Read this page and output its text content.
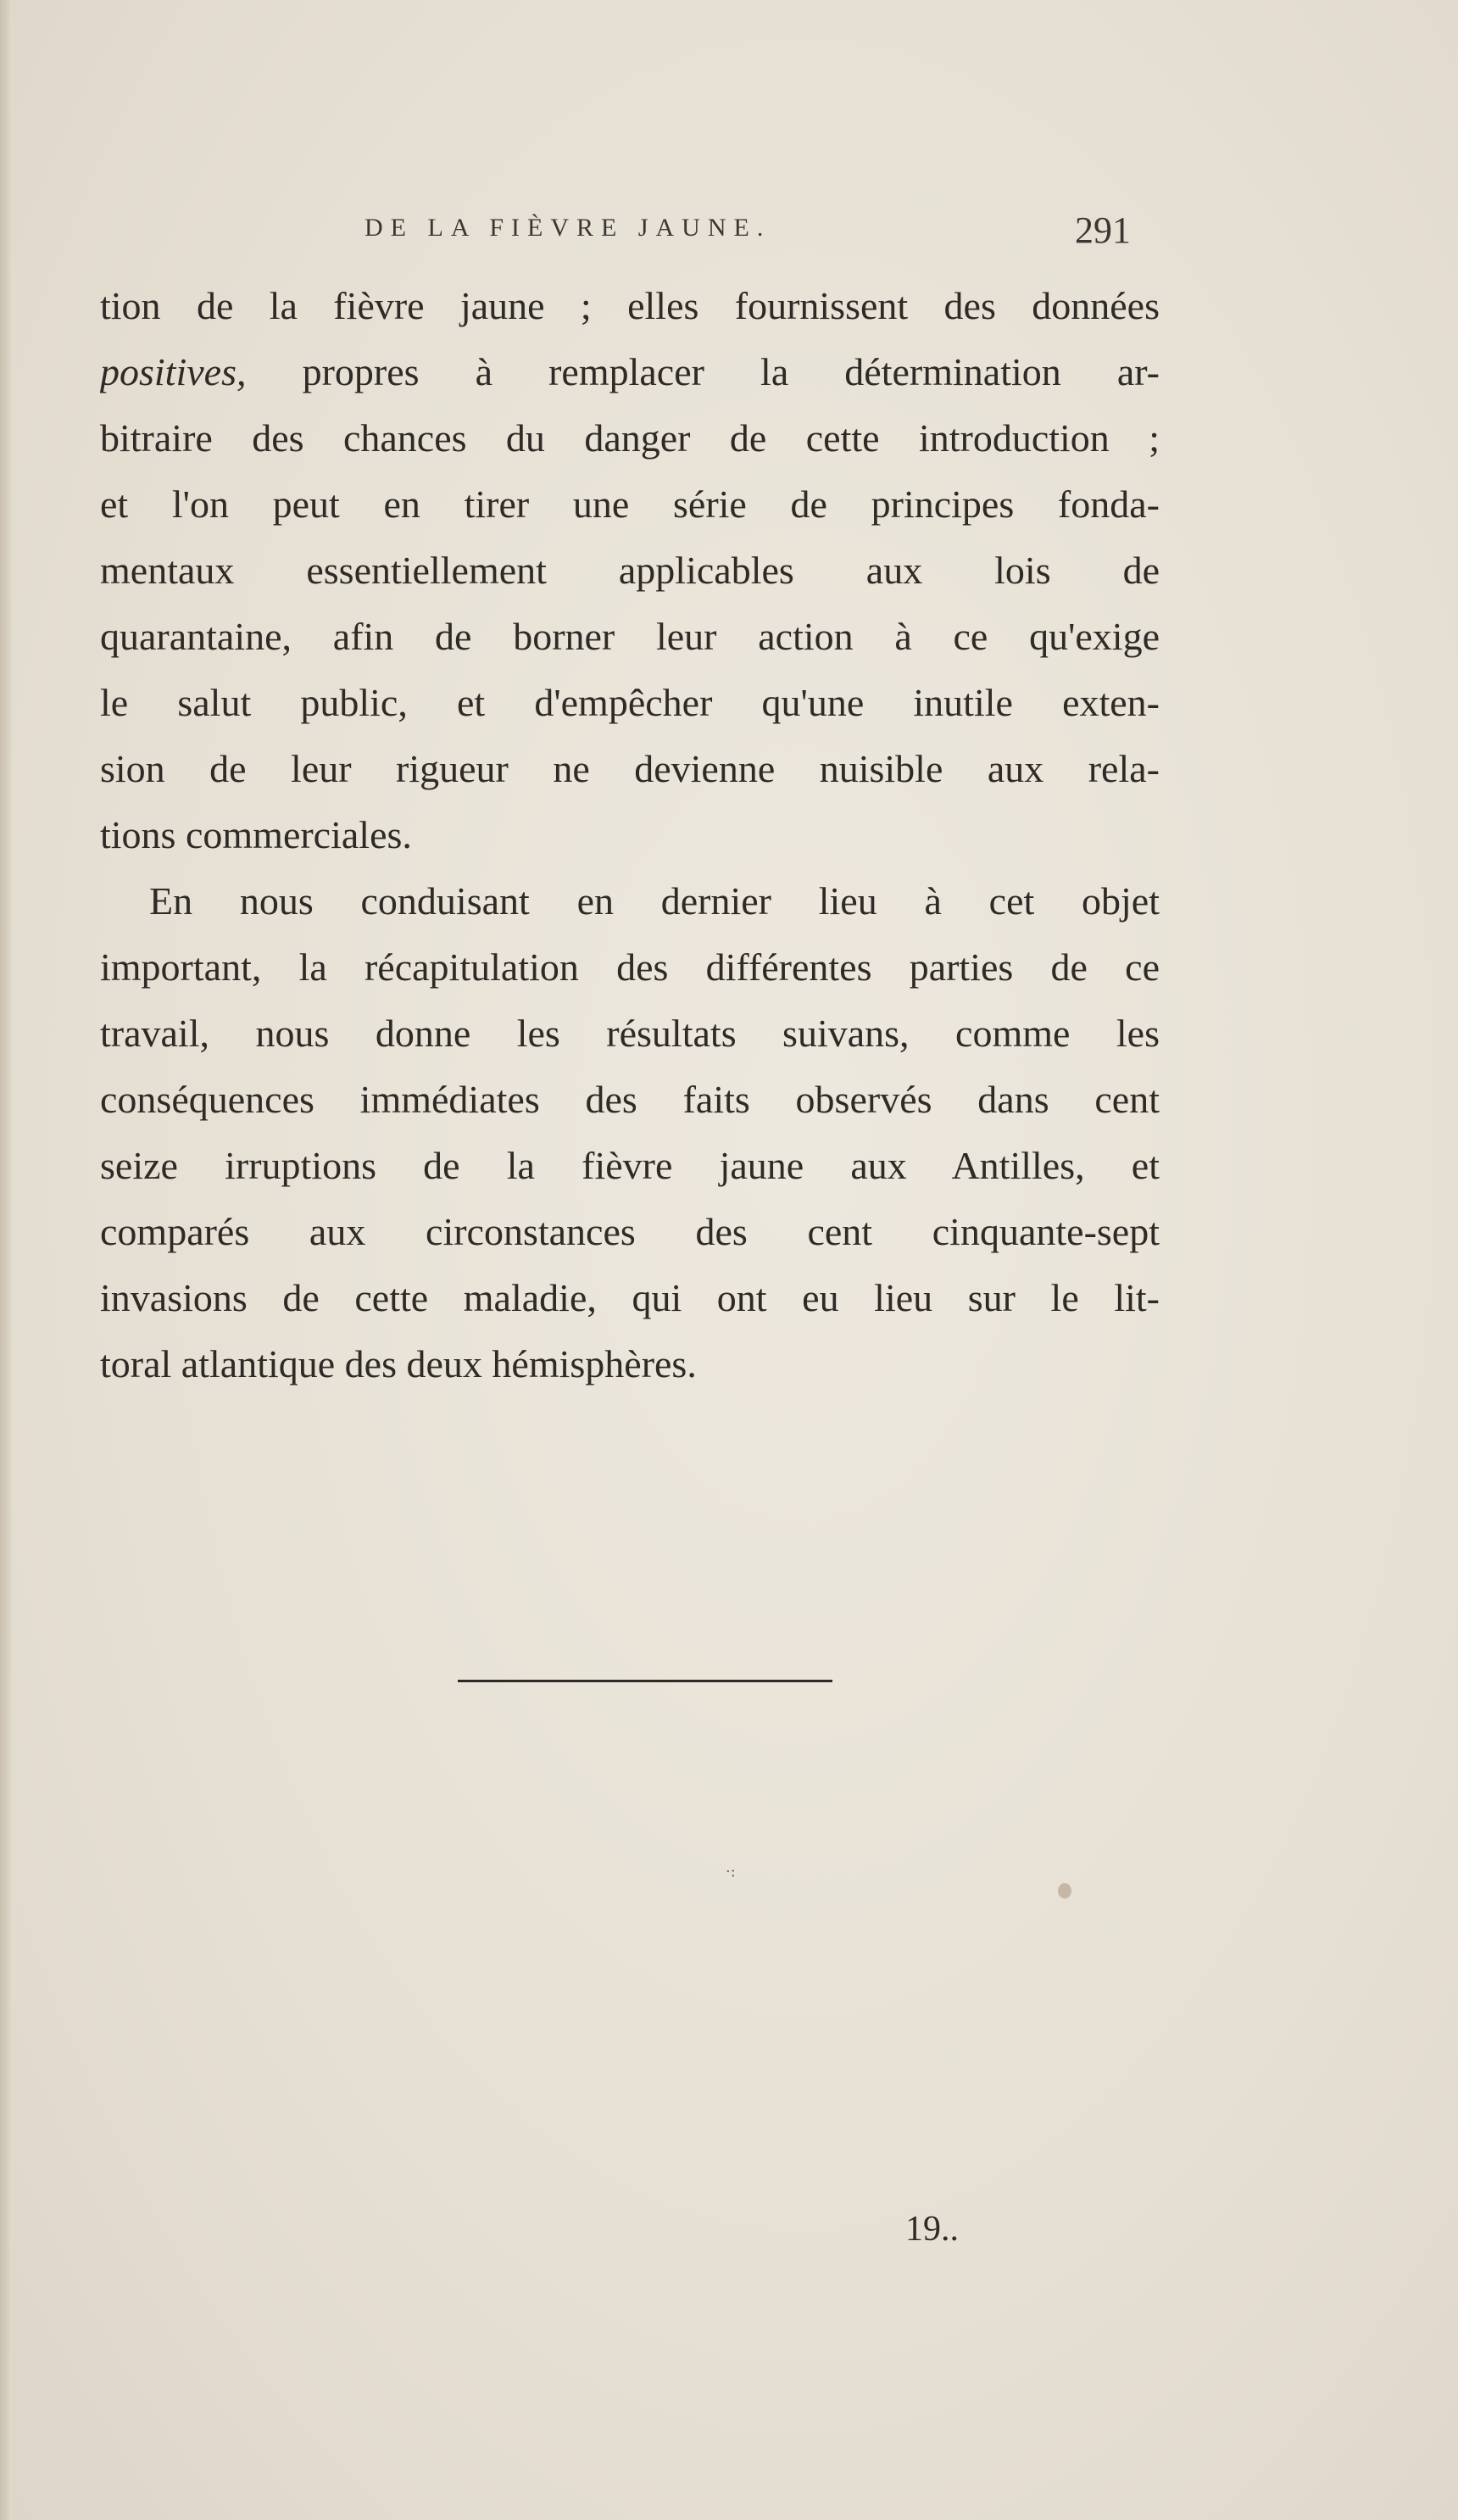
DE LA FIÈVRE JAUNE.	291
tion de la fièvre jaune ; elles fournissent des données
positives, propres à remplacer la détermination ar-
bitraire des chances du danger de cette introduction ;
et l'on peut en tirer une série de principes fonda-
mentaux essentiellement applicables aux lois de
quarantaine, afin de borner leur action à ce qu'exige
le salut public, et d'empêcher qu'une inutile exten-
sion de leur rigueur ne devienne nuisible aux rela-
tions commerciales.
En nous conduisant en dernier lieu à cet objet
important, la récapitulation des différentes parties de ce
travail, nous donne les résultats suivans, comme les
conséquences immédiates des faits observés dans cent
seize irruptions de la fièvre jaune aux Antilles, et
comparés aux circonstances des cent cinquante-sept
invasions de cette maladie, qui ont eu lieu sur le lit-
toral atlantique des deux hémisphères.
·:
19..
